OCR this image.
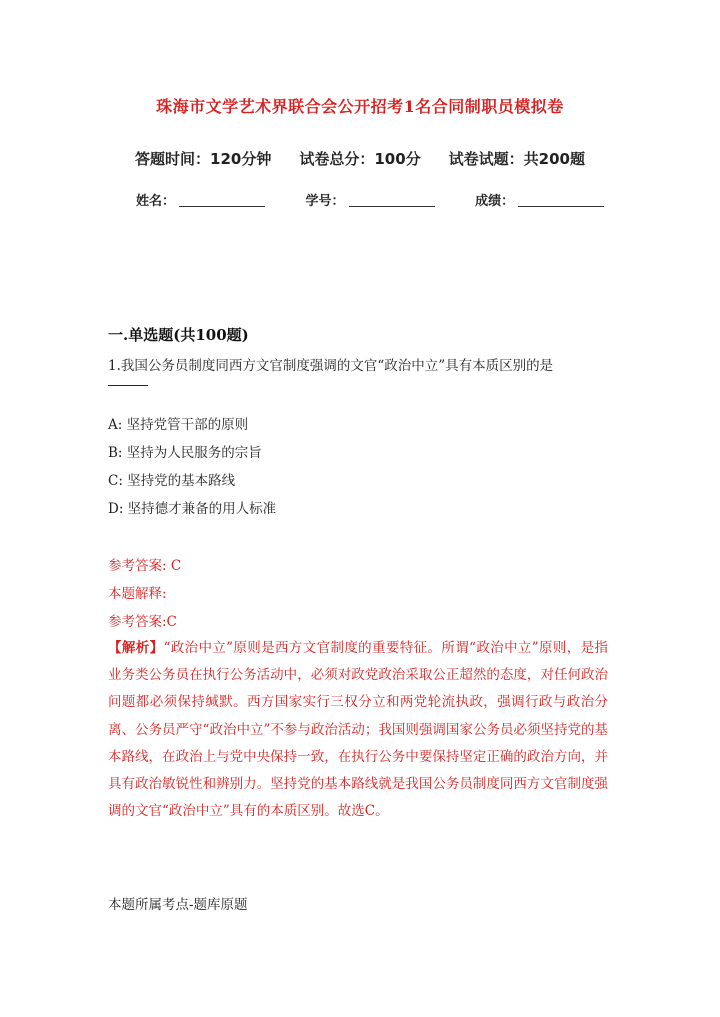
珠海市文学艺术界联合会公开招考1名合同制职员模拟卷
答题时间：120分钟 试卷总分：100分 试卷试题：共200题
姓名：	学号：	成绩：
一.单选题(共100题)
1.我国公务员制度同西方文官制度强调的文官“政治中立”具有本质区别的是
A: 坚持党管干部的原则
B: 坚持为人民服务的宗旨
C: 坚持党的基本路线
D: 坚持德才兼备的用人标准
参考答案: C
本题解释:
参考答案:C
【解析】“政治中立”原则是西方文官制度的重要特征。所谓“政治中立”原则，是指业务类公务员在执行公务活动中，必须对政党政治采取公正超然的态度，对任何政治问题都必须保持缄默。西方国家实行三权分立和两党轮流执政，强调行政与政治分离、公务员严守“政治中立”不参与政治活动；我国则强调国家公务员必须坚持党的基本路线，在政治上与党中央保持一致，在执行公务中要保持坚定正确的政治方向，并具有政治敏锐性和辨别力。坚持党的基本路线就是我国公务员制度同西方文官制度强调的文官“政治中立”具有的本质区别。故选C。
本题所属考点-题库原题
